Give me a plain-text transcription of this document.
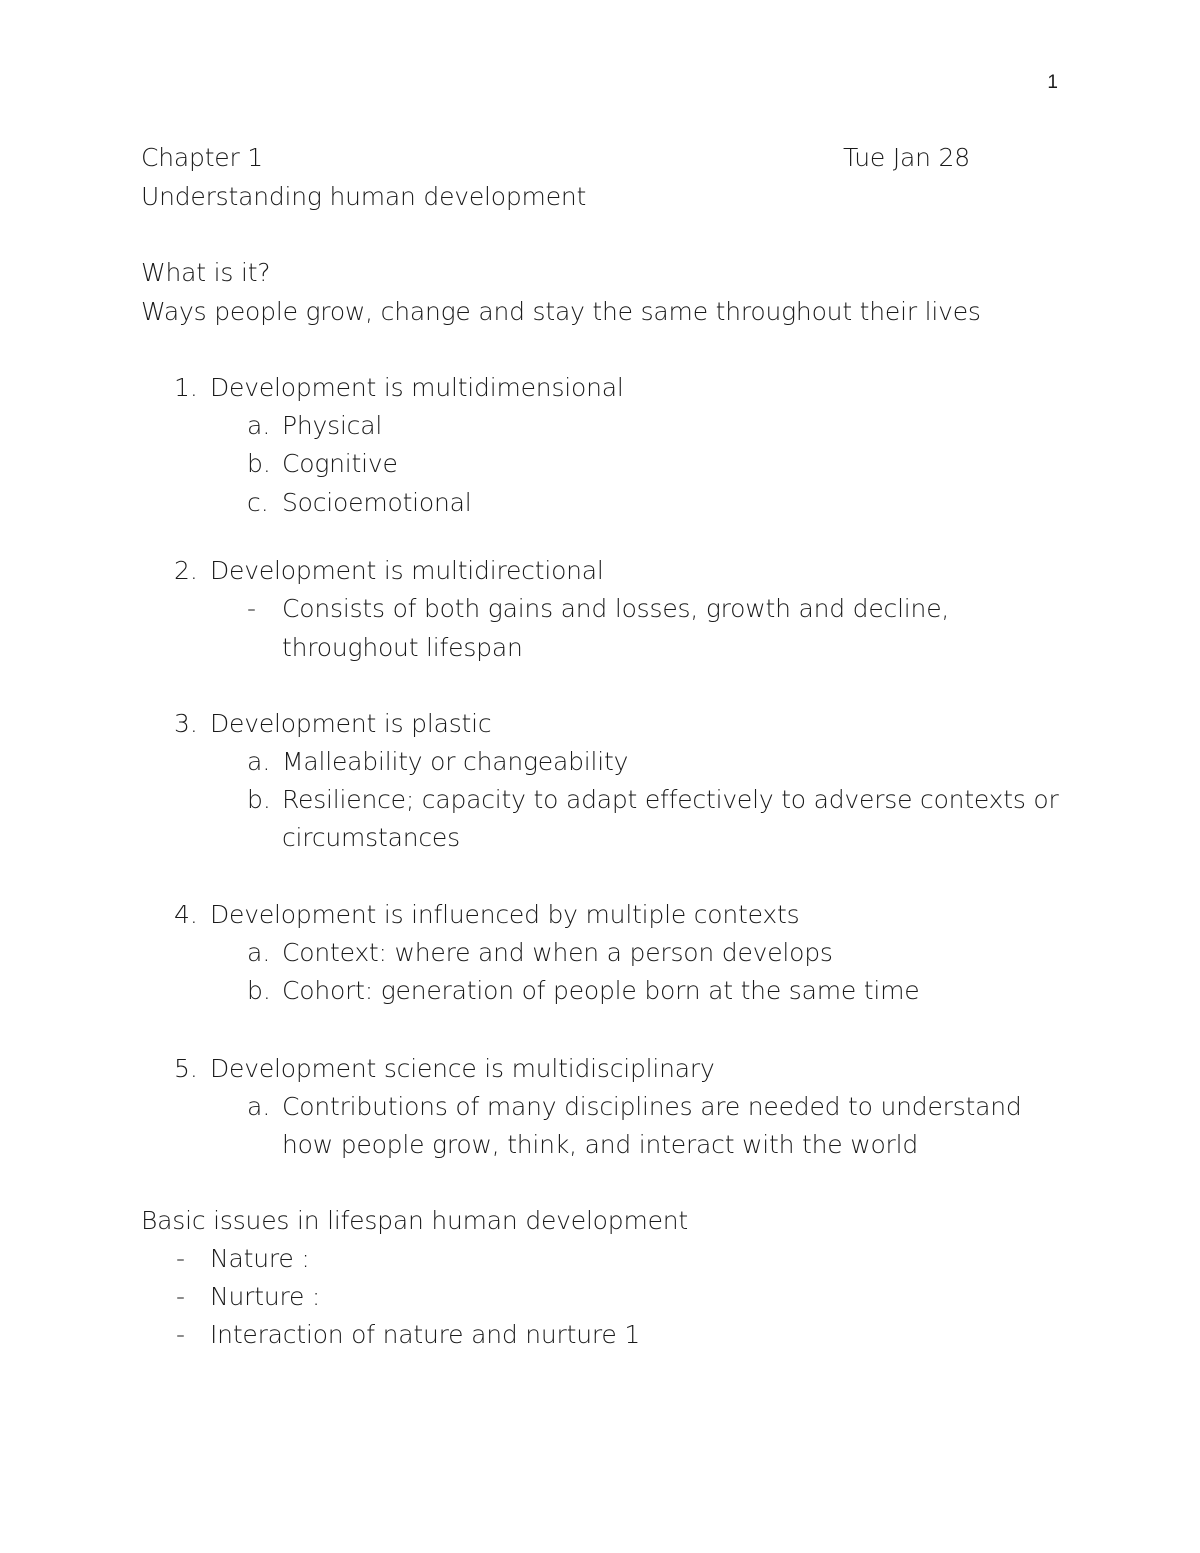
1
Chapter 1	Tue Jan 28
Understanding human development
What is it?
Ways people grow, change and stay the same throughout their lives
1. Development is multidimensional
a. Physical
b. Cognitive
c. Socioemotional
2. Development is multidirectional
- Consists of both gains and losses, growth and decline,
throughout lifespan
3. Development is plastic
a. Malleability or changeability
b. Resilience; capacity to adapt effectively to adverse contexts or
circumstances
4. Development is influenced by multiple contexts
a. Context: where and when a person develops
b. Cohort: generation of people born at the same time
5. Development science is multidisciplinary
a. Contributions of many disciplines are needed to understand
how people grow, think, and interact with the world
Basic issues in lifespan human development
- Nature :
- Nurture :
- Interaction of nature and nurture 1
